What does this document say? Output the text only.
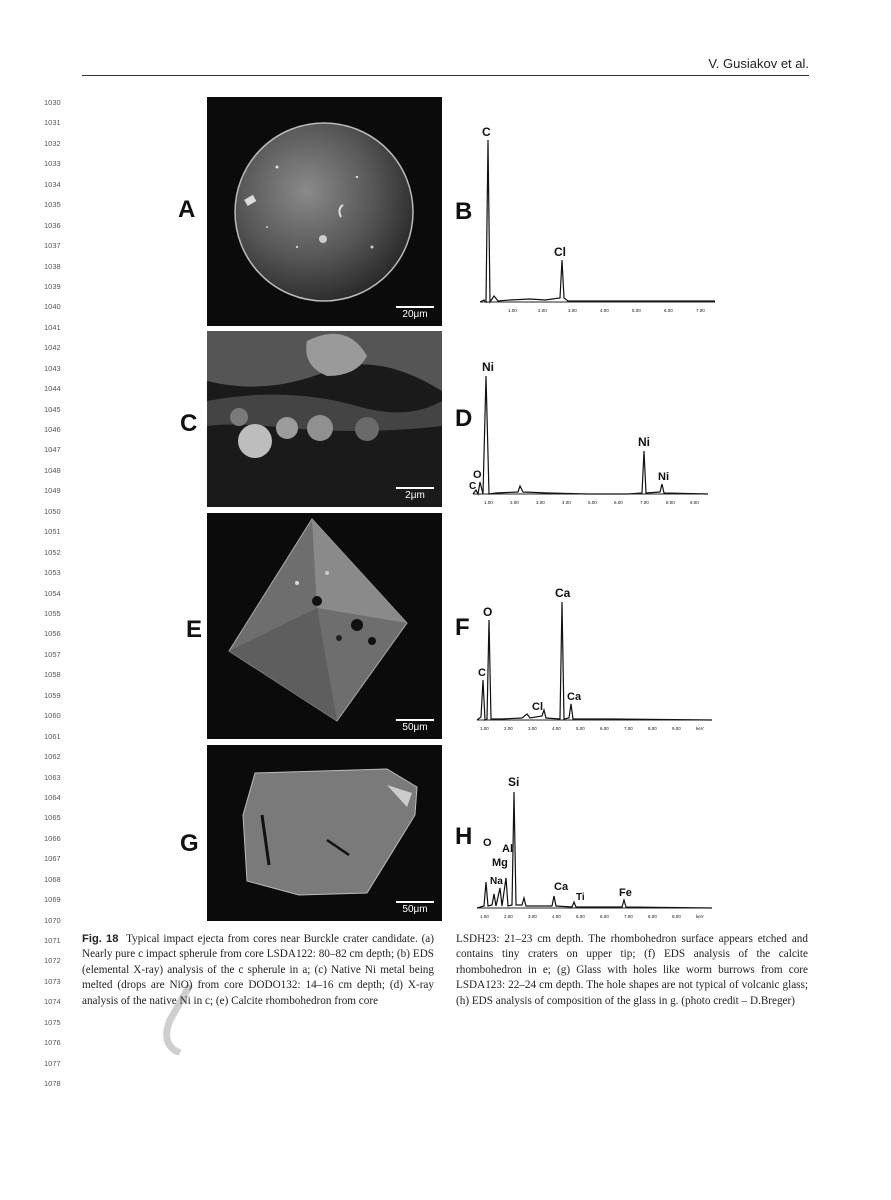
V. Gusiakov et al.
1030
1031
1032
1033
1034
1035
1036
1037
1038
1039
1040
1041
1042
1043
1044
1045
1046
1047
1048
1049
1050
1051
1052
1053
1054
1055
1056
1057
1058
1059
1060
1061
1062
1063
1064
1065
1066
1067
1068
1069
1070
1071
1072
1073
1074
1075
1076
1077
1078
A
20μm
B
C
Cl
1.00	2.00	3.00	4.00	5.00	6.00	7.00
C
2μm
D
Ni
O
C
Ni
Ni
1.00	2.00	3.00	4.00	5.00	6.00	7.00	8.00	9.00
E
50μm
F
Ca
O
C
Cl
Ca
1.00	2.00	3.00	4.00	5.00	6.00	7.00	8.00	9.00	keV
G
50μm
H
Si
O Al
Mg
Na	Ca
Ti	Fe
1.00	2.00	3.00	4.00	5.00	6.00	7.00	8.00	9.00	keV
Fig. 18 Typical impact ejecta from cores near Burckle crater candidate. (a) Nearly pure c impact spherule from core LSDA122: 80–82 cm depth; (b) EDS (elemental X-ray) analysis of the c spherule in a; (c) Native Ni metal being melted (drops are NiO) from core DODO132: 14–16 cm depth; (d) X-ray analysis of the native Ni in c; (e) Calcite rhombohedron from core
LSDH23: 21–23 cm depth. The rhombohedron surface appears etched and contains tiny craters on upper tip; (f) EDS analysis of the calcite rhombohedron in e; (g) Glass with holes like worm burrows from core LSDA123: 22–24 cm depth. The hole shapes are not typical of volcanic glass; (h) EDS analysis of composition of the glass in g. (photo credit – D.Breger)
